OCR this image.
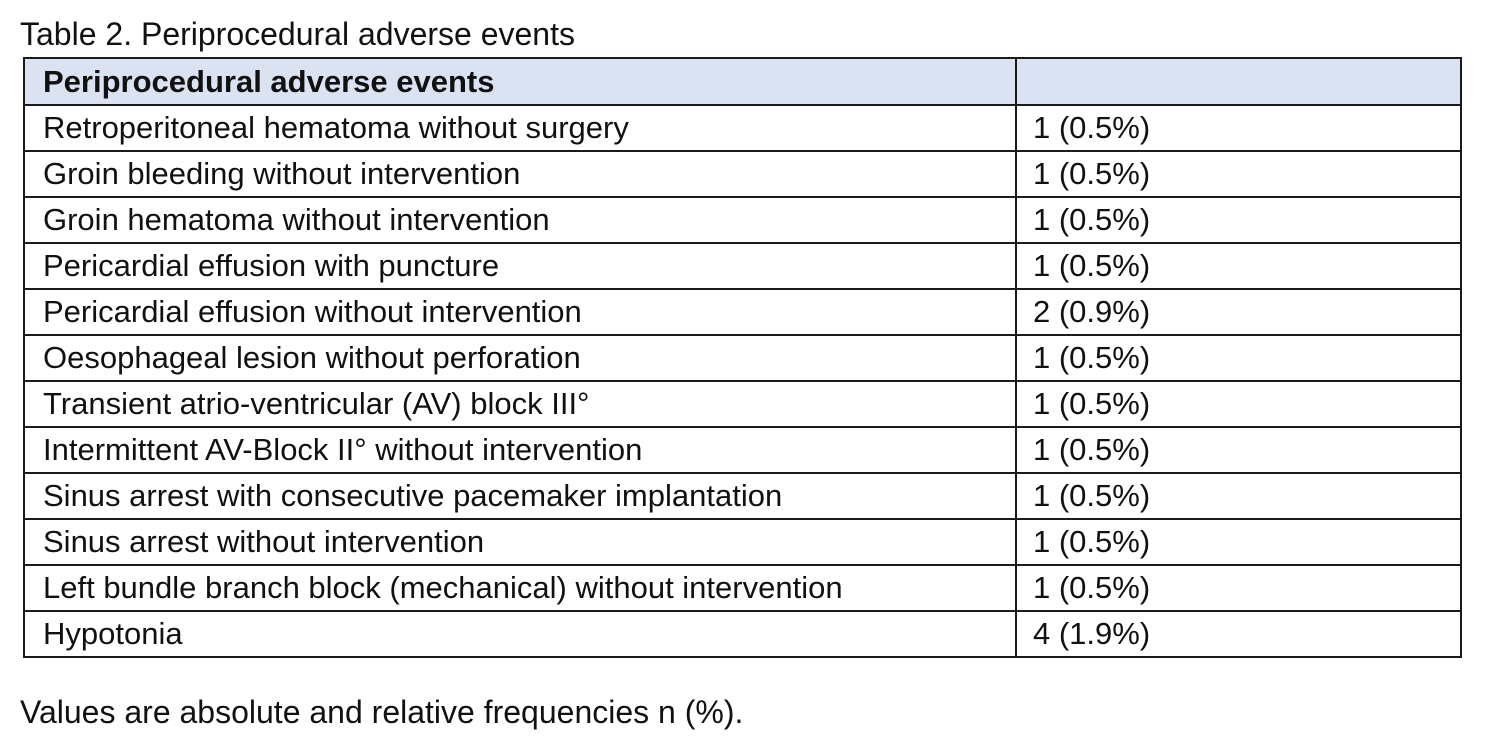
Table 2. Periprocedural adverse events
Periprocedural adverse events	
Retroperitoneal hematoma without surgery	1 (0.5%)
Groin bleeding without intervention	1 (0.5%)
Groin hematoma without intervention	1 (0.5%)
Pericardial effusion with puncture	1 (0.5%)
Pericardial effusion without intervention	2 (0.9%)
Oesophageal lesion without perforation	1 (0.5%)
Transient atrio-ventricular (AV) block III°	1 (0.5%)
Intermittent AV-Block II° without intervention	1 (0.5%)
Sinus arrest with consecutive pacemaker implantation	1 (0.5%)
Sinus arrest without intervention	1 (0.5%)
Left bundle branch block (mechanical) without intervention	1 (0.5%)
Hypotonia	4 (1.9%)
Values are absolute and relative frequencies n (%).
